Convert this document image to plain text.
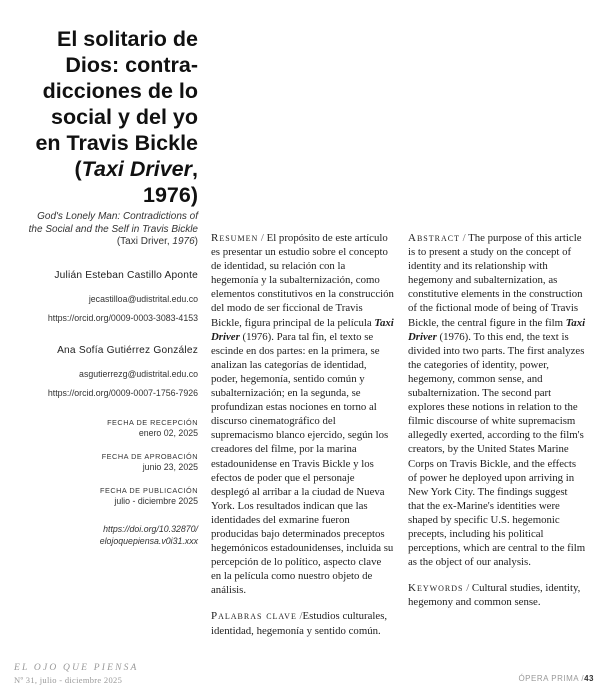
El solitario de
Dios: contra-
dicciones de lo
social y del yo
en Travis Bickle
(Taxi Driver,
1976)
God's Lonely Man: Contradictions of
the Social and the Self in Travis Bickle
(Taxi Driver, 1976)
Julián Esteban Castillo Aponte
jecastilloa@udistrital.edu.co
https://orcid.org/0009-0003-3083-4153
Ana Sofía Gutiérrez González
asgutierrezg@udistrital.edu.co
https://orcid.org/0009-0007-1756-7926
FECHA DE RECEPCIÓN
enero 02, 2025
FECHA DE APROBACIÓN
junio 23, 2025
FECHA DE PUBLICACIÓN
julio - diciembre 2025
https://doi.org/10.32870/
elojoquepiensa.v0i31.xxx

Resumen / El propósito de este artículo es presentar un estudio sobre el concepto de identidad, su relación con la hegemonía y la subalternización, como elementos constitutivos en la construcción del modo de ser ficcional de Travis Bickle, figura principal de la película Taxi Driver (1976). Para tal fin, el texto se escinde en dos partes: en la primera, se analizan las categorías de identidad, poder, hegemonía, sentido común y subalternización; en la segunda, se profundizan estas nociones en torno al discurso cinematográfico del supremacismo blanco ejercido, según los creadores del filme, por la marina estadounidense en Travis Bickle y los efectos de poder que el personaje desplegó al arribar a la ciudad de Nueva York. Los resultados indican que las identidades del exmarine fueron producidas bajo determinados preceptos hegemónicos estadounidenses, incluida su percepción de lo político, aspecto clave en la película como nuestro objeto de análisis.

Palabras clave /Estudios culturales, identidad, hegemonía y sentido común.

Abstract / The purpose of this article is to present a study on the concept of identity and its relationship with hegemony and subalternization, as constitutive elements in the construction of the fictional mode of being of Travis Bickle, the central figure in the film Taxi Driver (1976). To this end, the text is divided into two parts. The first analyzes the categories of identity, power, hegemony, common sense, and subalternization. The second part explores these notions in relation to the filmic discourse of white supremacism allegedly exerted, according to the film's creators, by the United States Marine Corps on Travis Bickle, and the effects of power he deployed upon arriving in New York City. The findings suggest that the ex-Marine's identities were shaped by specific U.S. hegemonic precepts, including his political perceptions, which are central to the film as the object of our analysis.

Keywords / Cultural studies, identity, hegemony and common sense.

EL OJO QUE PIENSA
Nº 31, julio - diciembre 2025	ÓPERA PRIMA /43
